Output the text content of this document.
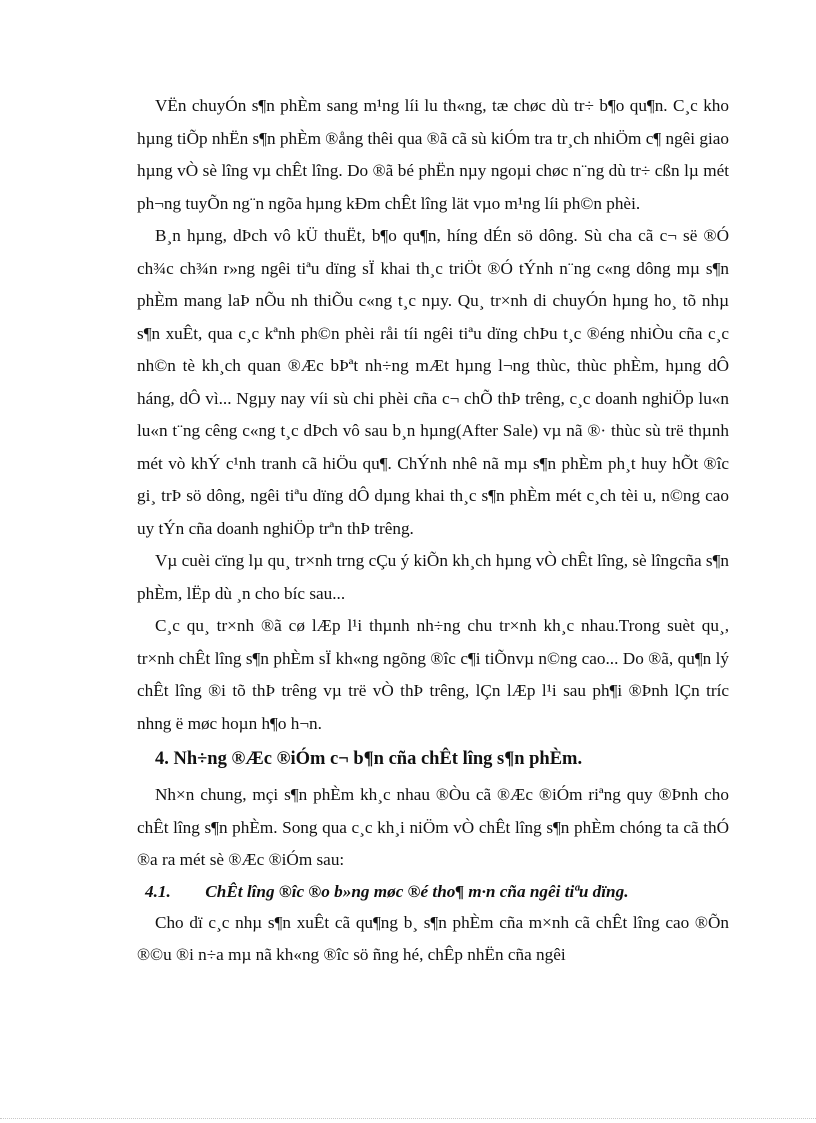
VËn chuyÓn s¶n phÈm sang m¹ng líi lu th«ng, tæ chøc dù tr÷ b¶o qu¶n. C¸c kho hµng tiÕp nhËn s¶n phÈm ®ång thêi qua ®ã cã sù kiÓm tra tr¸ch nhiÖm c¶ ngêi giao hµng vÒ sè lîng vµ chÊt lîng. Do ®ã bé phËn nµy ngoµi chøc n¨ng dù tr÷ cßn lµ mét ph¬ng tuyÕn ng¨n ngõa hµng kÐm chÊt lîng lät vµo m¹ng líi ph©n phèi.

B¸n hµng, dÞch vô kÜ thuËt, b¶o qu¶n, híng dÉn sö dông. Sù cha cã c¬ së ®Ó ch¾c ch¾n r»ng ngêi tiªu dïng sÏ khai th¸c triÖt ®Ó tÝnh n¨ng c«ng dông mµ s¶n phÈm mang laÞ nÕu nh thiÕu c«ng t¸c nµy. Qu¸ tr×nh di chuyÓn hµng ho¸ tõ nhµ s¶n xuÊt, qua c¸c kªnh ph©n phèi råi tíi ngêi tiªu dïng chÞu t¸c ®éng nhiÒu cña c¸c nh©n tè kh¸ch quan ®Æc bÞªt nh÷ng mÆt hµng l¬ng thùc, thùc phÈm, hµng dÔ háng, dÔ vì... Ngµy nay víi sù chi phèi cña c¬ chÕ thÞ trêng, c¸c doanh nghiÖp lu«n lu«n t¨ng cêng c«ng t¸c dÞch vô sau b¸n hµng(After Sale) vµ nã ®· thùc sù trë thµnh mét vò khÝ c¹nh tranh cã hiÖu qu¶. ChÝnh nhê nã mµ s¶n phÈm ph¸t huy hÕt ®îc gi¸ trÞ sö dông, ngêi tiªu dïng dÔ dµng khai th¸c s¶n phÈm mét c¸ch tèi u, n©ng cao uy tÝn cña doanh nghiÖp trªn thÞ trêng.

Vµ cuèi cïng lµ qu¸ tr×nh trng cÇu ý kiÕn kh¸ch hµng vÒ chÊt lîng, sè lîngcña s¶n phÈm, lËp dù ¸n cho bíc sau...

C¸c qu¸ tr×nh ®ã cø lÆp l¹i thµnh nh÷ng chu tr×nh kh¸c nhau.Trong suèt qu¸, tr×nh chÊt lîng s¶n phÈm sÏ kh«ng ngõng ®îc c¶i tiÕnvµ n©ng cao... Do ®ã, qu¶n lý chÊt lîng ®i tõ thÞ trêng vµ trë vÒ thÞ trêng, lÇn lÆp l¹i sau ph¶i ®Þnh lÇn tríc nhng ë møc hoµn h¶o h¬n.

4. Nh÷ng ®Æc ®iÓm c¬ b¶n cña chÊt lîng s¶n phÈm.

Nh×n chung, mçi s¶n phÈm kh¸c nhau ®Òu cã ®Æc ®iÓm riªng quy ®Þnh cho chÊt lîng s¶n phÈm. Song qua c¸c kh¸i niÖm vÒ chÊt lîng s¶n phÈm chóng ta cã thÓ ®a ra mét sè ®Æc ®iÓm sau:

4.1. ChÊt lîng ®îc ®o b»ng møc ®é tho¶ m·n cña ngêi tiªu dïng.

Cho dï c¸c nhµ s¶n xuÊt cã qu¶ng b¸ s¶n phÈm cña m×nh cã chÊt lîng cao ®Õn ®©u ®i n÷a mµ nã kh«ng ®îc sö ñng hé, chÊp nhËn cña ngêi
